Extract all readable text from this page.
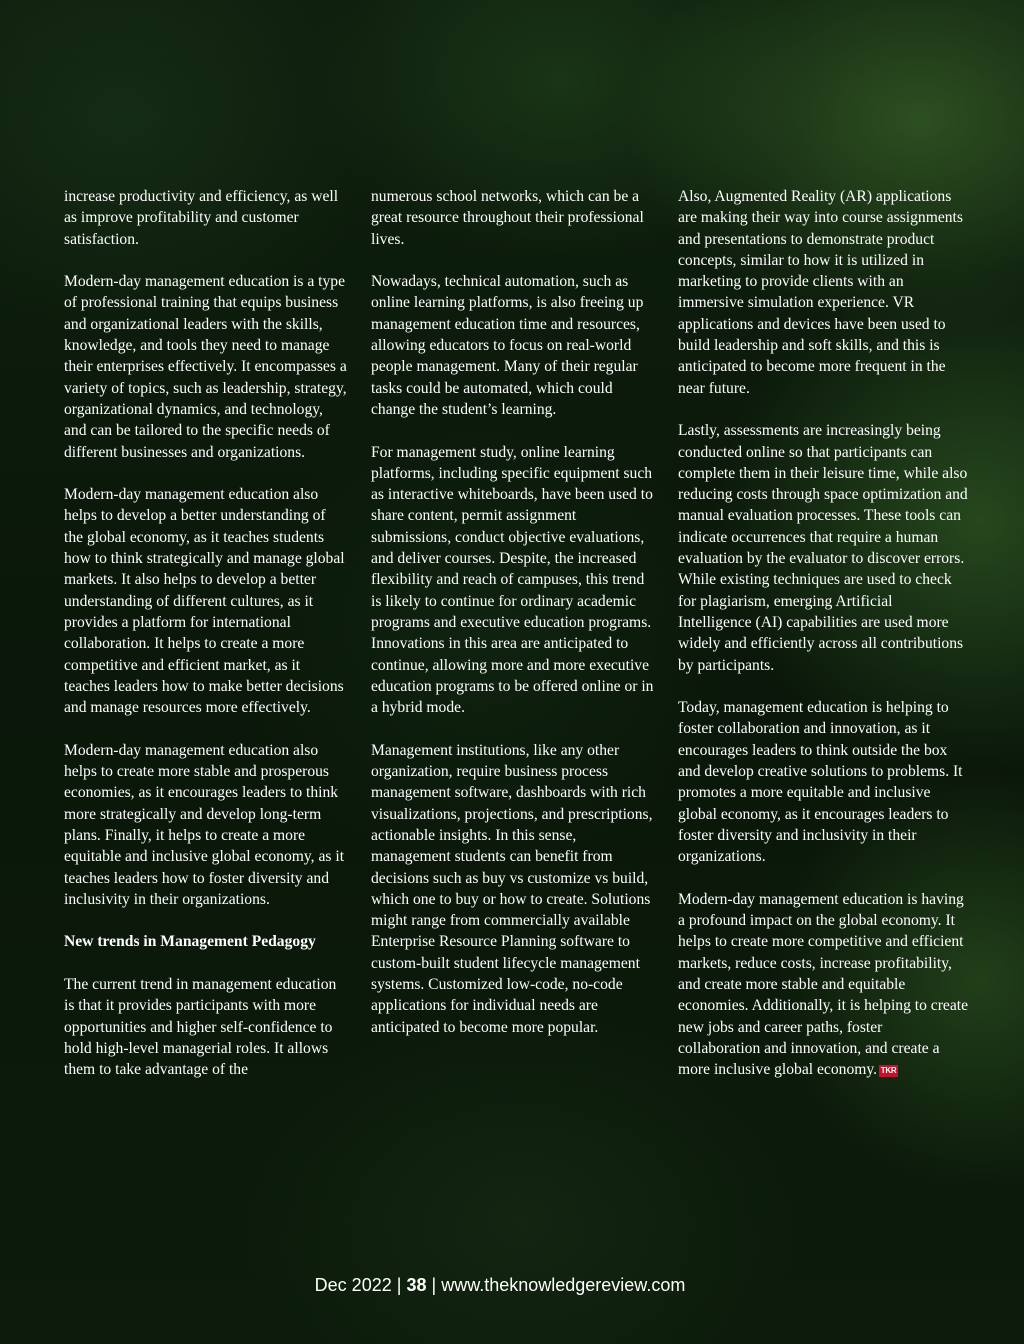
increase productivity and efficiency, as well as improve profitability and customer satisfaction.

Modern-day management education is a type of professional training that equips business and organizational leaders with the skills, knowledge, and tools they need to manage their enterprises effectively. It encompasses a variety of topics, such as leadership, strategy, organizational dynamics, and technology, and can be tailored to the specific needs of different businesses and organizations.

Modern-day management education also helps to develop a better understanding of the global economy, as it teaches students how to think strategically and manage global markets. It also helps to develop a better understanding of different cultures, as it provides a platform for international collaboration. It helps to create a more competitive and efficient market, as it teaches leaders how to make better decisions and manage resources more effectively.

Modern-day management education also helps to create more stable and prosperous economies, as it encourages leaders to think more strategically and develop long-term plans. Finally, it helps to create a more equitable and inclusive global economy, as it teaches leaders how to foster diversity and inclusivity in their organizations.

New trends in Management Pedagogy

The current trend in management education is that it provides participants with more opportunities and higher self-confidence to hold high-level managerial roles. It allows them to take advantage of the

numerous school networks, which can be a great resource throughout their professional lives.

Nowadays, technical automation, such as online learning platforms, is also freeing up management education time and resources, allowing educators to focus on real-world people management. Many of their regular tasks could be automated, which could change the student’s learning.

For management study, online learning platforms, including specific equipment such as interactive whiteboards, have been used to share content, permit assignment submissions, conduct objective evaluations, and deliver courses. Despite, the increased flexibility and reach of campuses, this trend is likely to continue for ordinary academic programs and executive education programs. Innovations in this area are anticipated to continue, allowing more and more executive education programs to be offered online or in a hybrid mode.

Management institutions, like any other organization, require business process management software, dashboards with rich visualizations, projections, and prescriptions, actionable insights. In this sense, management students can benefit from decisions such as buy vs customize vs build, which one to buy or how to create. Solutions might range from commercially available Enterprise Resource Planning software to custom-built student lifecycle management systems. Customized low-code, no-code applications for individual needs are anticipated to become more popular.

Also, Augmented Reality (AR) applications are making their way into course assignments and presentations to demonstrate product concepts, similar to how it is utilized in marketing to provide clients with an immersive simulation experience. VR applications and devices have been used to build leadership and soft skills, and this is anticipated to become more frequent in the near future.

Lastly, assessments are increasingly being conducted online so that participants can complete them in their leisure time, while also reducing costs through space optimization and manual evaluation processes. These tools can indicate occurrences that require a human evaluation by the evaluator to discover errors. While existing techniques are used to check for plagiarism, emerging Artificial Intelligence (AI) capabilities are used more widely and efficiently across all contributions by participants.

Today, management education is helping to foster collaboration and innovation, as it encourages leaders to think outside the box and develop creative solutions to problems. It promotes a more equitable and inclusive global economy, as it encourages leaders to foster diversity and inclusivity in their organizations.

Modern-day management education is having a profound impact on the global economy. It helps to create more competitive and efficient markets, reduce costs, increase profitability, and create more stable and equitable economies. Additionally, it is helping to create new jobs and career paths, foster collaboration and innovation, and create a more inclusive global economy. TKR

Dec 2022 | 38 | www.theknowledgereview.com
